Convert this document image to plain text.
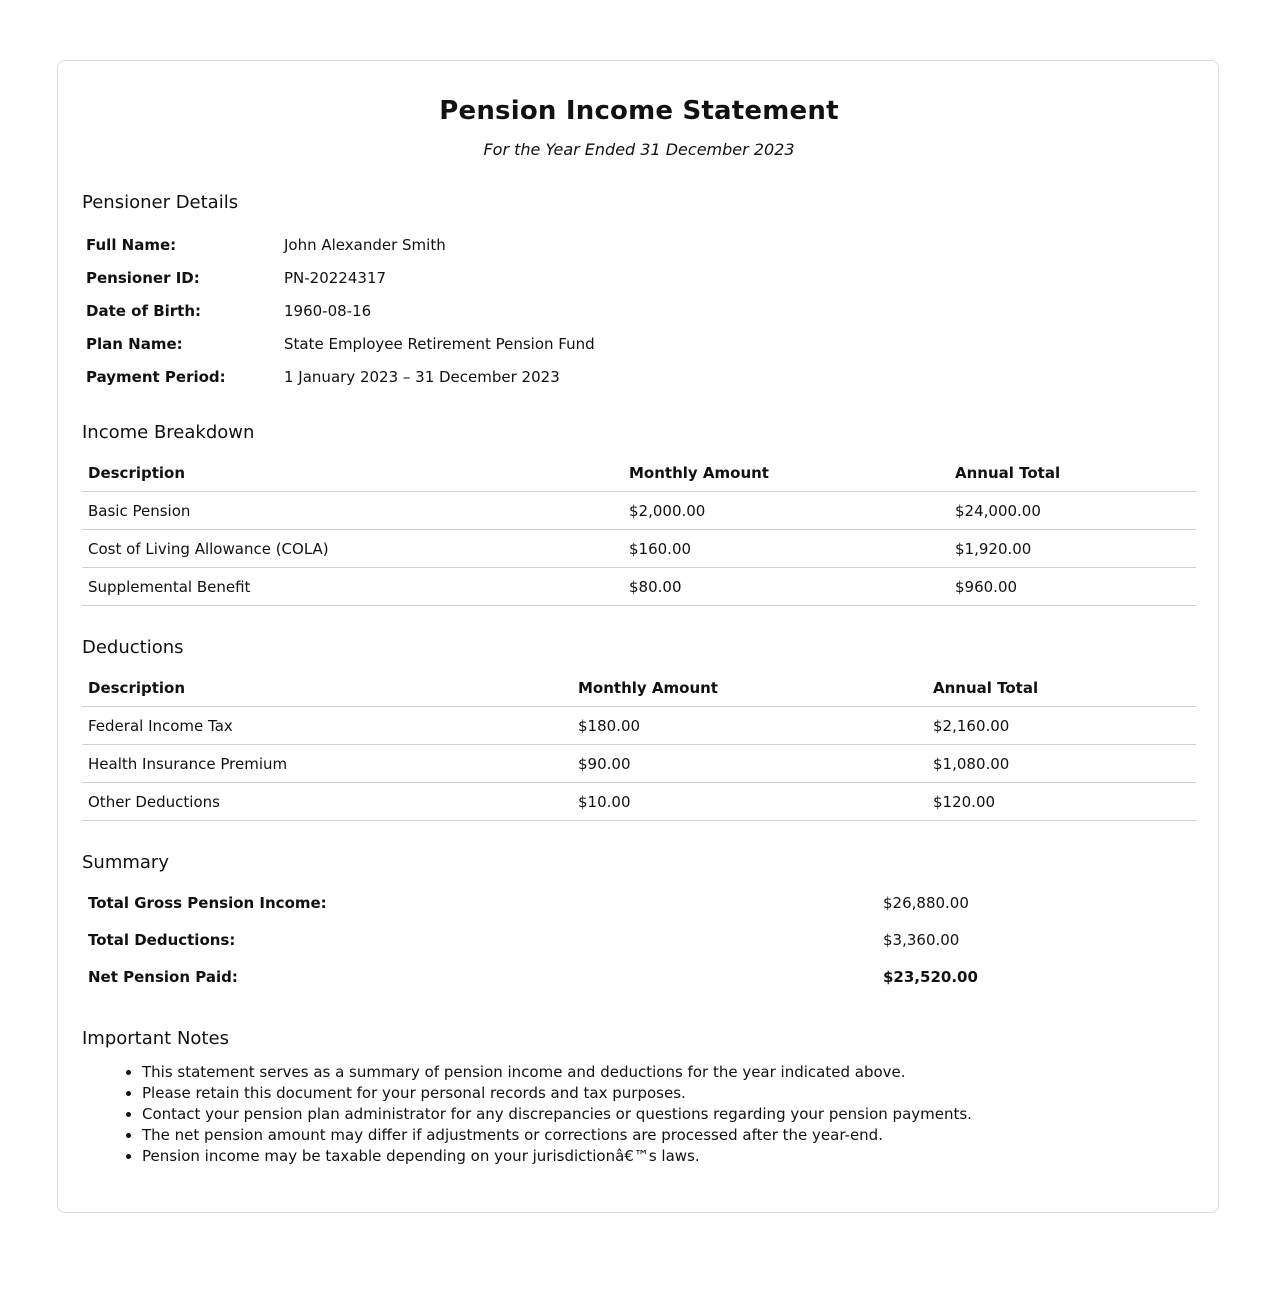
Pension Income Statement

For the Year Ended 31 December 2023

Pensioner Details
Full Name:	John Alexander Smith
Pensioner ID:	PN-20224317
Date of Birth:	1960-08-16
Plan Name:	State Employee Retirement Pension Fund
Payment Period:	1 January 2023 – 31 December 2023
Income Breakdown
Description	Monthly Amount	Annual Total
Basic Pension	$2,000.00	$24,000.00
Cost of Living Allowance (COLA)	$160.00	$1,920.00
Supplemental Benefit	$80.00	$960.00
Deductions
Description	Monthly Amount	Annual Total
Federal Income Tax	$180.00	$2,160.00
Health Insurance Premium	$90.00	$1,080.00
Other Deductions	$10.00	$120.00
Summary
Total Gross Pension Income:	$26,880.00
Total Deductions:	$3,360.00
Net Pension Paid:	$23,520.00
Important Notes
• This statement serves as a summary of pension income and deductions for the year indicated above.
• Please retain this document for your personal records and tax purposes.
• Contact your pension plan administrator for any discrepancies or questions regarding your pension payments.
• The net pension amount may differ if adjustments or corrections are processed after the year-end.
• Pension income may be taxable depending on your jurisdictionâ€™s laws.
